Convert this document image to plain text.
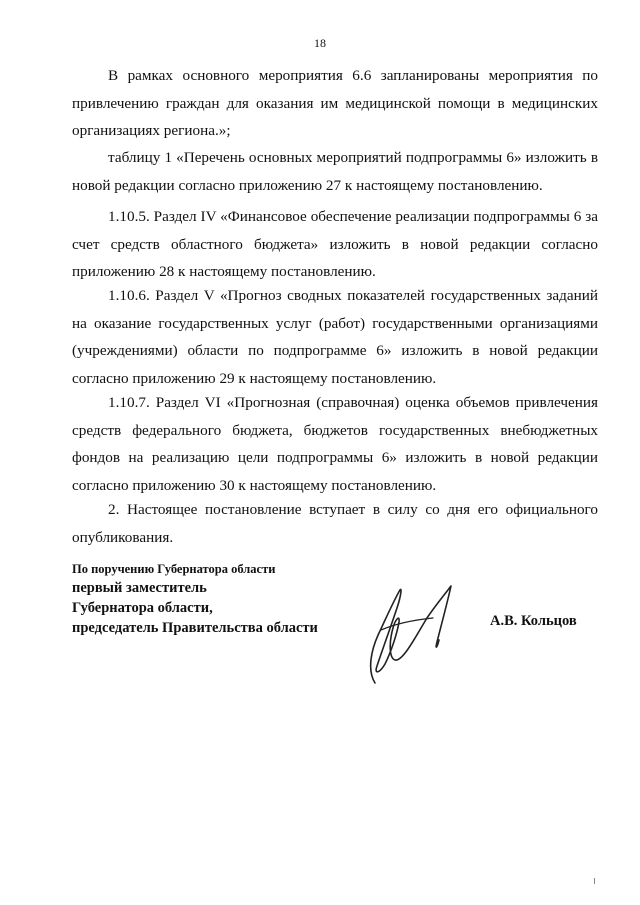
18

В рамках основного мероприятия 6.6 запланированы мероприятия по привлечению граждан для оказания им медицинской помощи в медицинских организациях региона.»;

таблицу 1 «Перечень основных мероприятий подпрограммы 6» изложить в новой редакции согласно приложению 27 к настоящему постановлению.

1.10.5. Раздел IV «Финансовое обеспечение реализации подпрограммы 6 за счет средств областного бюджета» изложить в новой редакции согласно приложению 28 к настоящему постановлению.

1.10.6. Раздел V «Прогноз сводных показателей государственных заданий на оказание государственных услуг (работ) государственными организациями (учреждениями) области по подпрограмме 6» изложить в новой редакции согласно приложению 29 к настоящему постановлению.

1.10.7. Раздел VI «Прогнозная (справочная) оценка объемов привлечения средств федерального бюджета, бюджетов государственных внебюджетных фондов на реализацию цели подпрограммы 6» изложить в новой редакции согласно приложению 30 к настоящему постановлению.

2. Настоящее постановление вступает в силу со дня его официального опубликования.

По поручению Губернатора области
первый заместитель
Губернатора области,
председатель Правительства области	А.В. Кольцов
